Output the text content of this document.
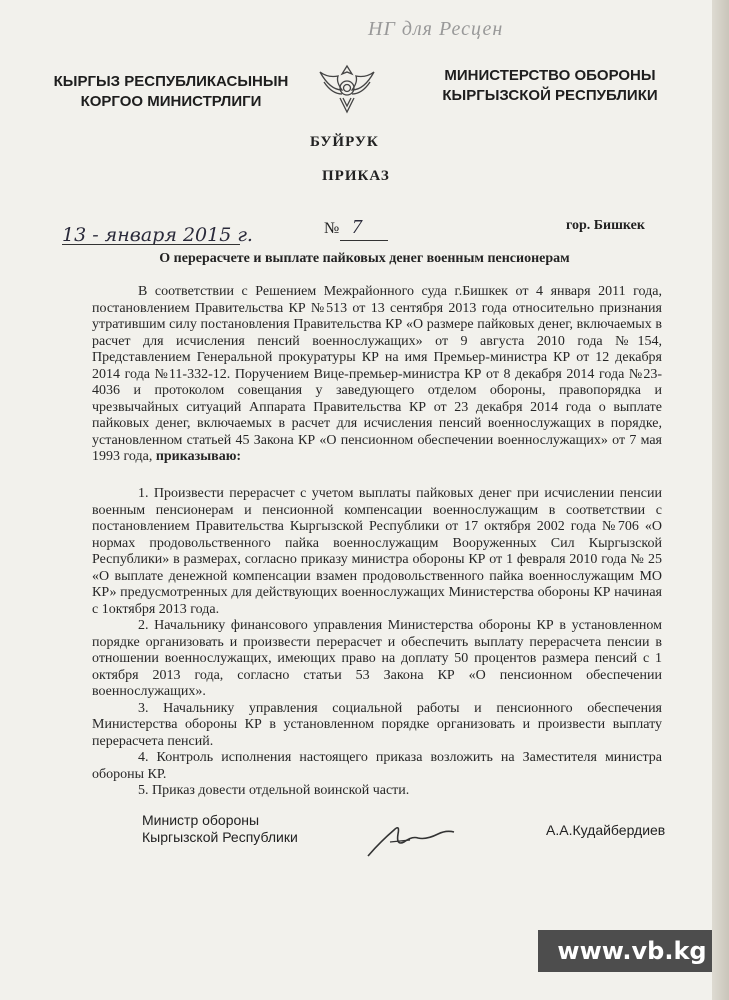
НГ для Ресцен
КЫРГЫЗ РЕСПУБЛИКАСЫНЫН
КОРГОО МИНИСТРЛИГИ
МИНИСТЕРСТВО ОБОРОНЫ
КЫРГЫЗСКОЙ РЕСПУБЛИКИ
БУЙРУК
ПРИКАЗ
13 - января 2015 г.	№ 7	гор. Бишкек
О перерасчете и выплате пайковых денег военным пенсионерам

В соответствии с Решением Межрайонного суда г.Бишкек от 4 января 2011 года, постановлением Правительства КР №513 от 13 сентября 2013 года относительно признания утратившим силу постановления Правительства КР «О размере пайковых денег, включаемых в расчет для исчисления пенсий военнослужащих» от 9 августа 2010 года №154, Представлением Генеральной прокуратуры КР на имя Премьер-министра КР от 12 декабря 2014 года №11-332-12. Поручением Вице-премьер-министра КР от 8 декабря 2014 года №23-4036 и протоколом совещания у заведующего отделом обороны, правопорядка и чрезвычайных ситуаций Аппарата Правительства КР от 23 декабря 2014 года о выплате пайковых денег, включаемых в расчет для исчисления пенсий военнослужащих в порядке, установленном статьей 45 Закона КР «О пенсионном обеспечении военнослужащих» от 7 мая 1993 года, приказываю:

1. Произвести перерасчет с учетом выплаты пайковых денег при исчислении пенсии военным пенсионерам и пенсионной компенсации военнослужащим в соответствии с постановлением Правительства Кыргызской Республики от 17 октября 2002 года №706 «О нормах продовольственного пайка военнослужащим Вооруженных Сил Кыргызской Республики» в размерах, согласно приказу министра обороны КР от 1 февраля 2010 года № 25 «О выплате денежной компенсации взамен продовольственного пайка военнослужащим МО КР» предусмотренных для действующих военнослужащих Министерства обороны КР начиная с 1октября 2013 года.

2. Начальнику финансового управления Министерства обороны КР в установленном порядке организовать и произвести перерасчет и обеспечить выплату перерасчета пенсии в отношении военнослужащих, имеющих право на доплату 50 процентов размера пенсий с 1 октября 2013 года, согласно статьи 53 Закона КР «О пенсионном обеспечении военнослужащих».

3. Начальнику управления социальной работы и пенсионного обеспечения Министерства обороны КР в установленном порядке организовать и произвести выплату перерасчета пенсий.

4. Контроль исполнения настоящего приказа возложить на Заместителя министра обороны КР.

5. Приказ довести отдельной воинской части.

Министр обороны
Кыргызской Республики	А.А.Кудайбердиев
www.vb.kg
